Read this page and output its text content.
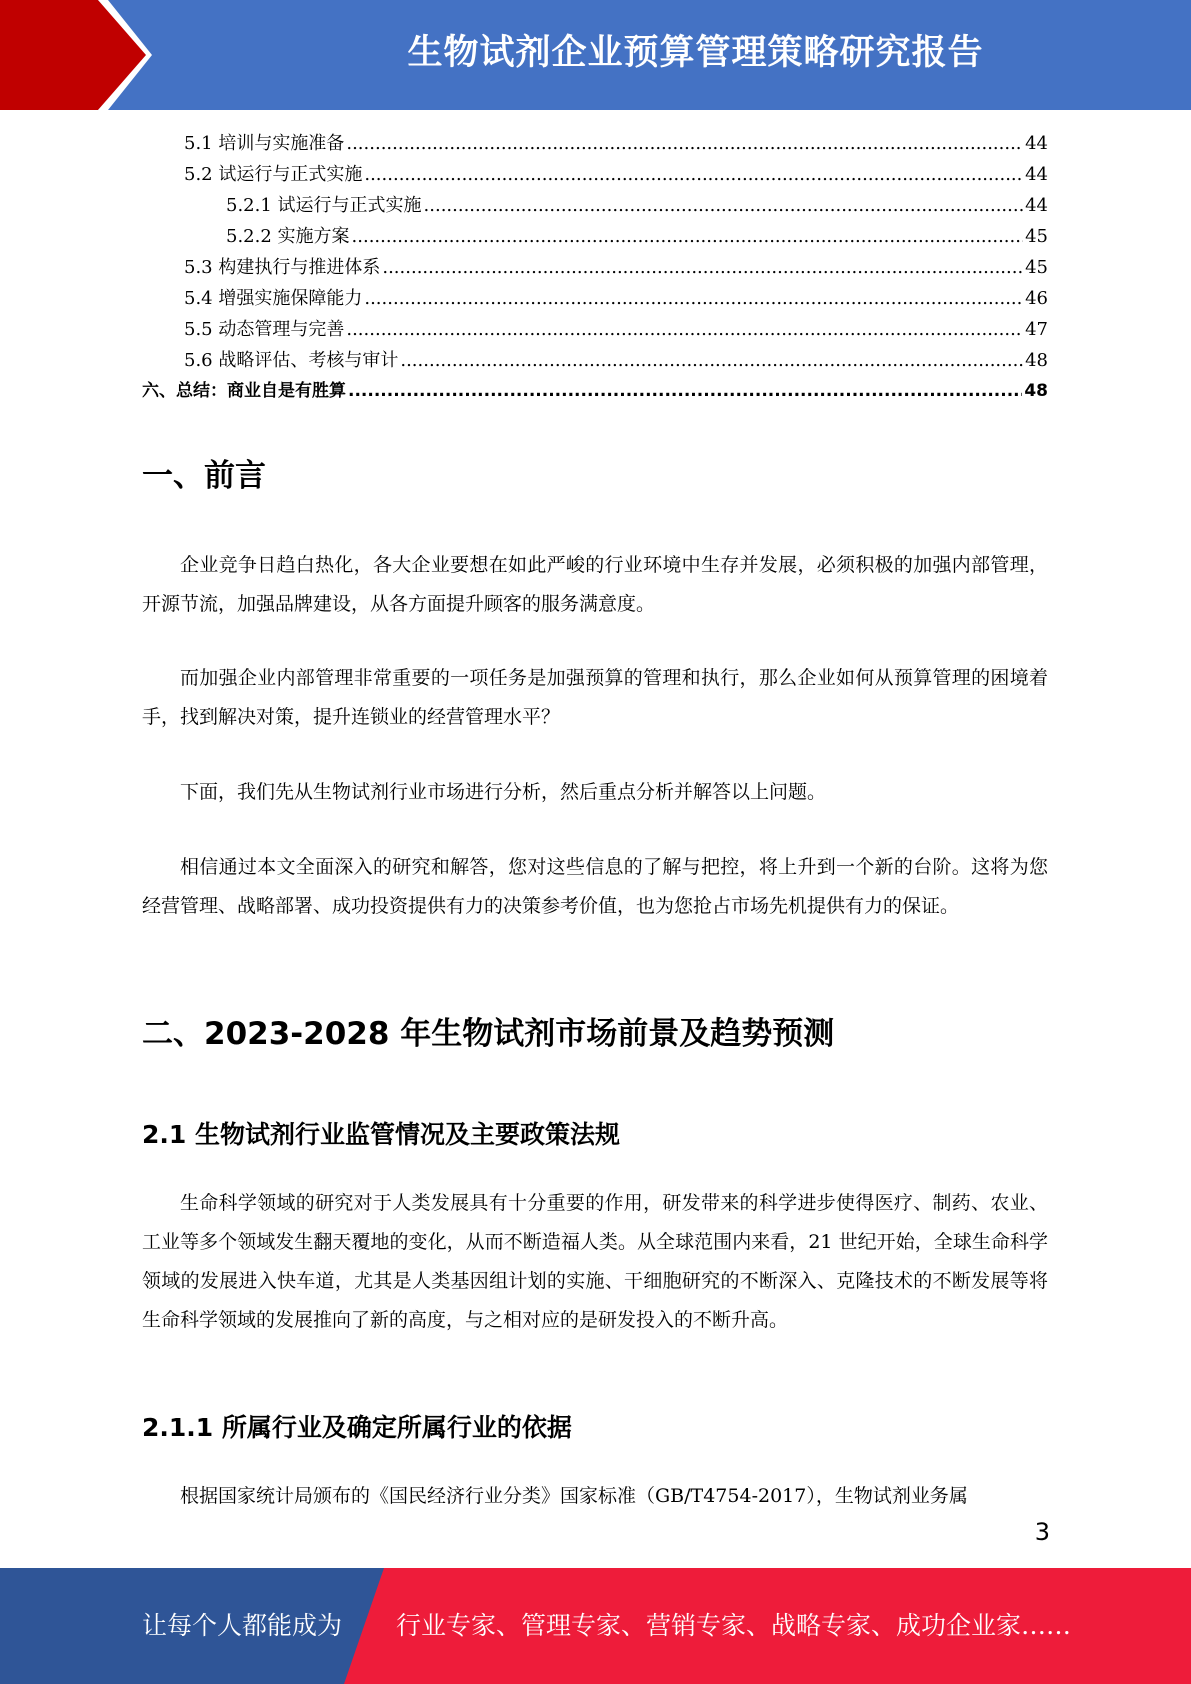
生物试剂企业预算管理策略研究报告
5.1 培训与实施准备 .....	44
5.2 试运行与正式实施 .....	44
5.2.1 试运行与正式实施 .....	44
5.2.2 实施方案 .....	45
5.3 构建执行与推进体系 .....	45
5.4 增强实施保障能力 .....	46
5.5 动态管理与完善 .....	47
5.6 战略评估、考核与审计 .....	48
六、总结：商业自是有胜算 .....	48
一、前言

企业竞争日趋白热化，各大企业要想在如此严峻的行业环境中生存并发展，必须积极的加强内部管理，开源节流，加强品牌建设，从各方面提升顾客的服务满意度。

而加强企业内部管理非常重要的一项任务是加强预算的管理和执行，那么企业如何从预算管理的困境着手，找到解决对策，提升连锁业的经营管理水平？

下面，我们先从生物试剂行业市场进行分析，然后重点分析并解答以上问题。

相信通过本文全面深入的研究和解答，您对这些信息的了解与把控，将上升到一个新的台阶。这将为您经营管理、战略部署、成功投资提供有力的决策参考价值，也为您抢占市场先机提供有力的保证。

二、2023-2028 年生物试剂市场前景及趋势预测
2.1 生物试剂行业监管情况及主要政策法规

生命科学领域的研究对于人类发展具有十分重要的作用，研发带来的科学进步使得医疗、制药、农业、工业等多个领域发生翻天覆地的变化，从而不断造福人类。从全球范围内来看，21 世纪开始，全球生命科学领域的发展进入快车道，尤其是人类基因组计划的实施、干细胞研究的不断深入、克隆技术的不断发展等将生命科学领域的发展推向了新的高度，与之相对应的是研发投入的不断升高。

2.1.1 所属行业及确定所属行业的依据

根据国家统计局颁布的《国民经济行业分类》国家标准（GB/T4754-2017），生物试剂业务属

3
让每个人都能成为 行业专家、管理专家、营销专家、战略专家、成功企业家……
